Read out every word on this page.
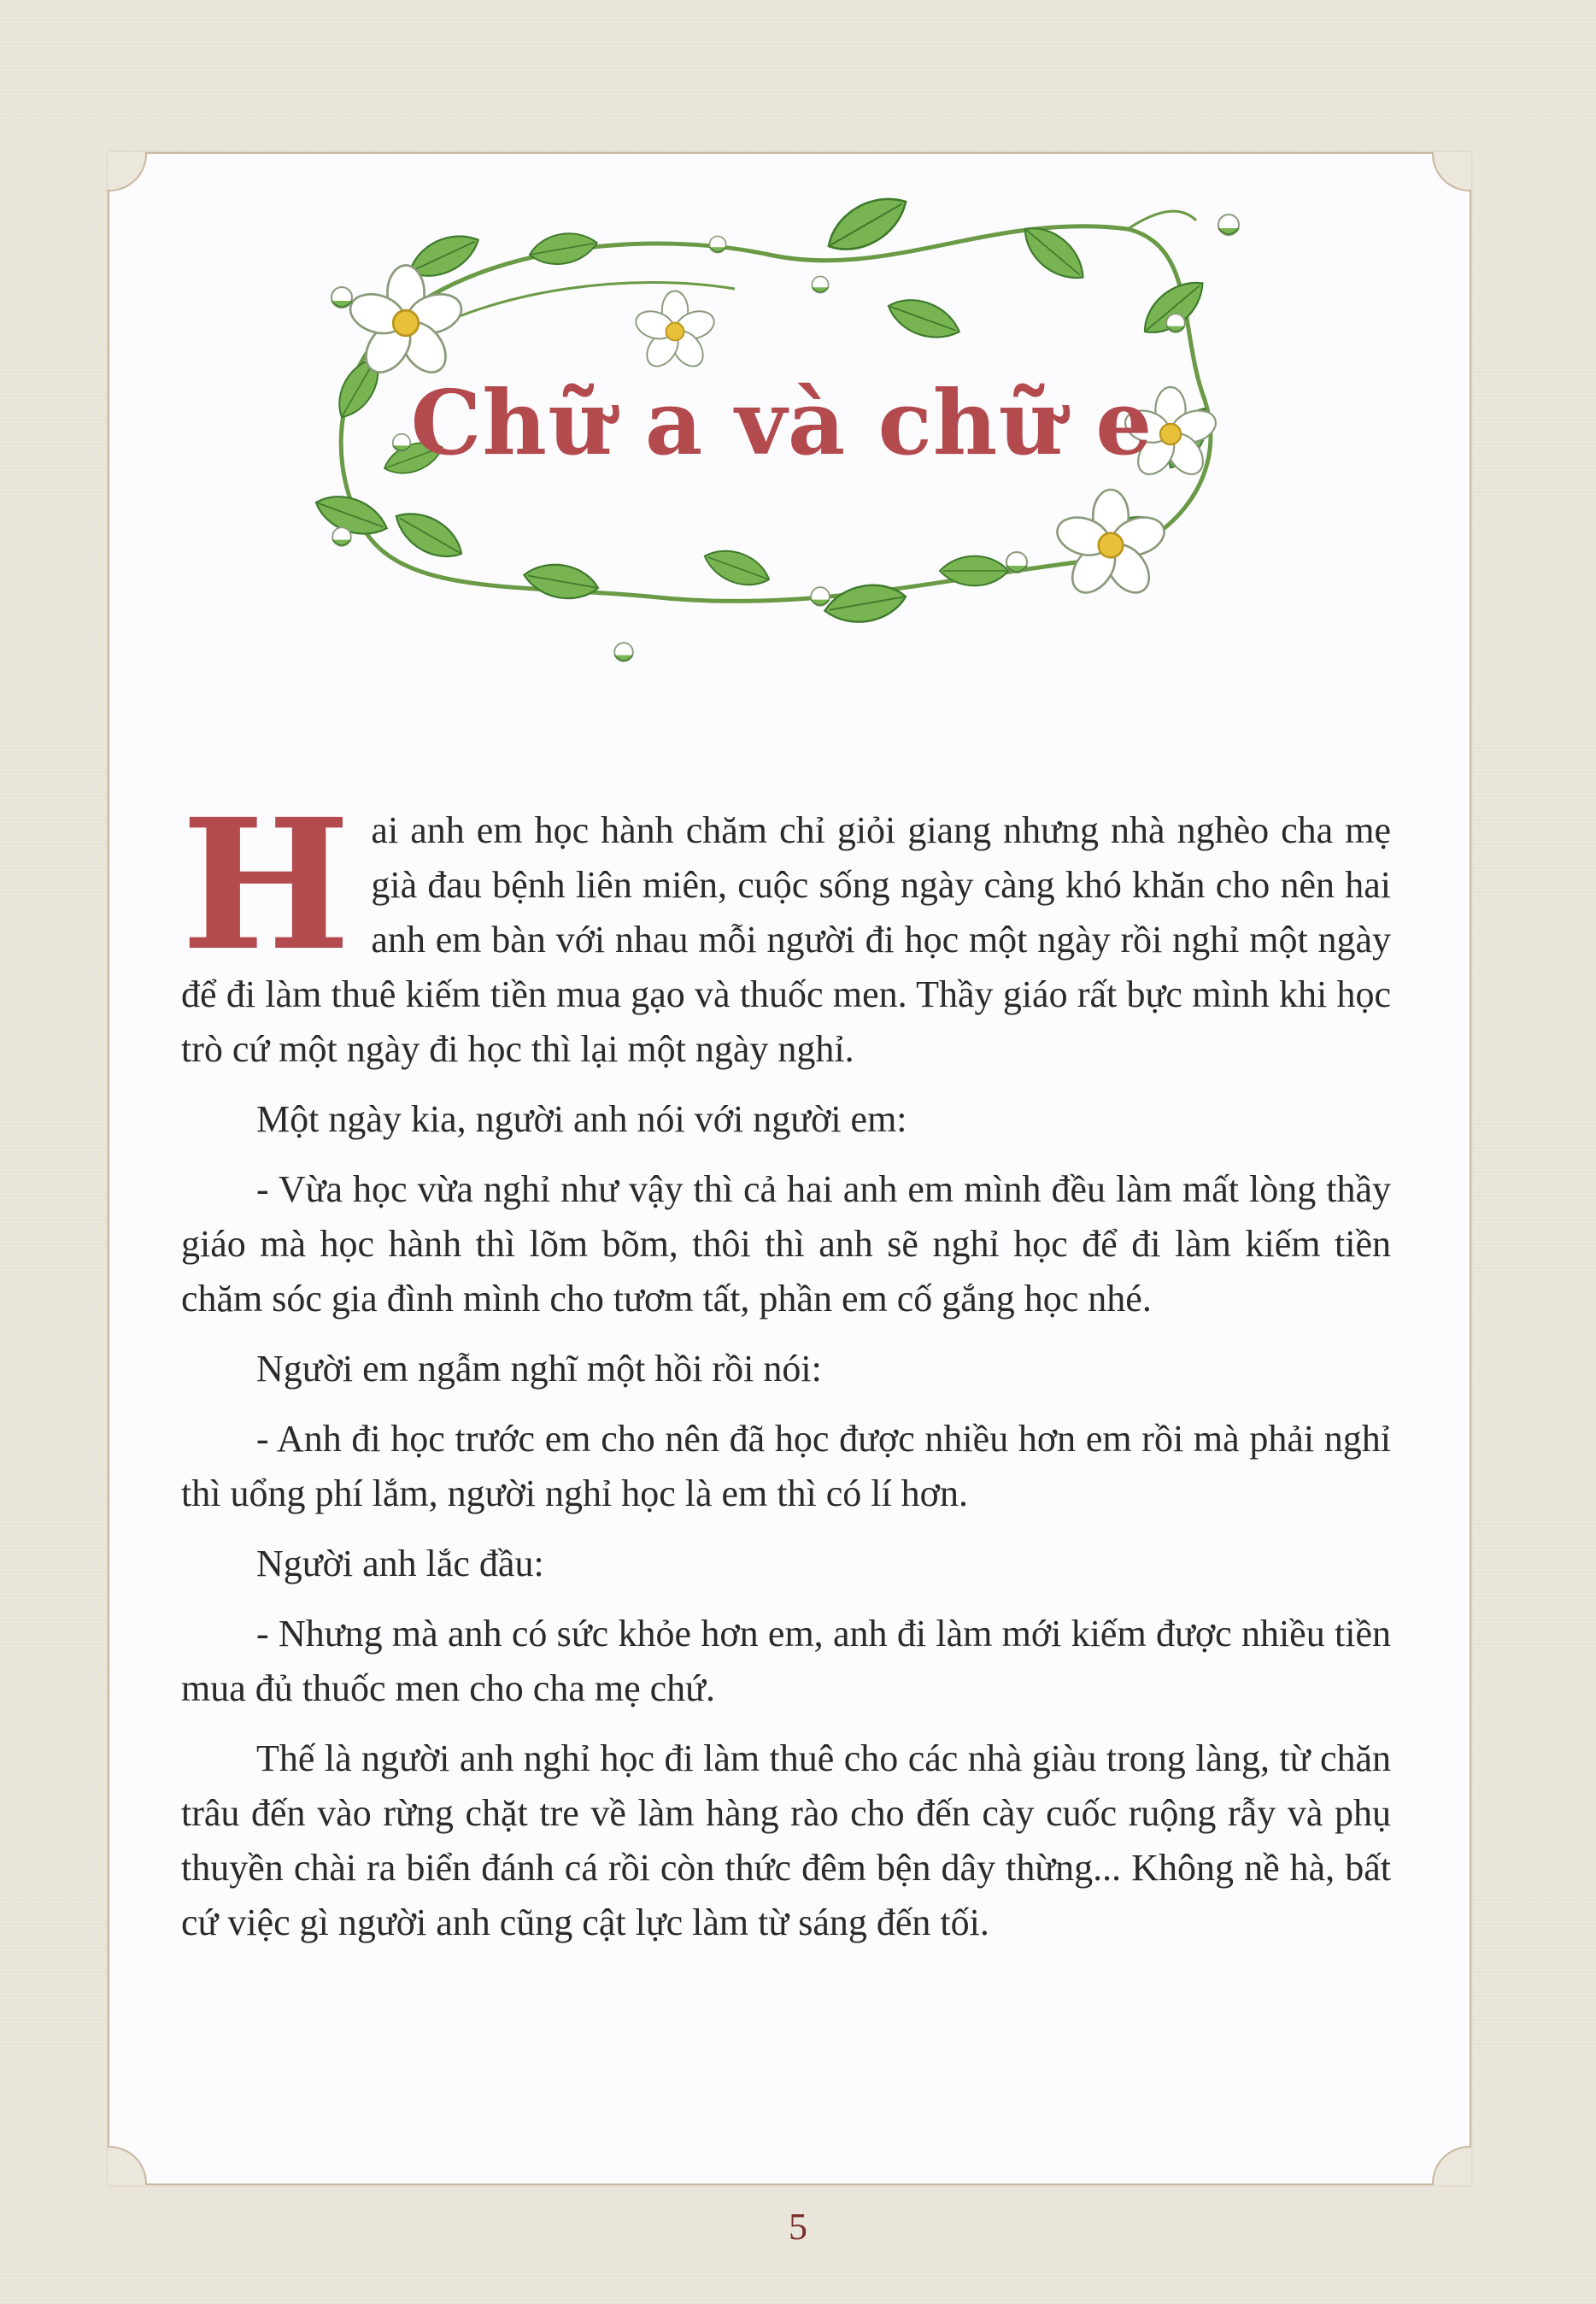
Chữ a và chữ e

Hai anh em học hành chăm chỉ giỏi giang nhưng nhà nghèo cha mẹ già đau bệnh liên miên, cuộc sống ngày càng khó khăn cho nên hai anh em bàn với nhau mỗi người đi học một ngày rồi nghỉ một ngày để đi làm thuê kiếm tiền mua gạo và thuốc men. Thầy giáo rất bực mình khi học trò cứ một ngày đi học thì lại một ngày nghỉ.

Một ngày kia, người anh nói với người em:

- Vừa học vừa nghỉ như vậy thì cả hai anh em mình đều làm mất lòng thầy giáo mà học hành thì lõm bõm, thôi thì anh sẽ nghỉ học để đi làm kiếm tiền chăm sóc gia đình mình cho tươm tất, phần em cố gắng học nhé.

Người em ngẫm nghĩ một hồi rồi nói:

- Anh đi học trước em cho nên đã học được nhiều hơn em rồi mà phải nghỉ thì uổng phí lắm, người nghỉ học là em thì có lí hơn.

Người anh lắc đầu:

- Nhưng mà anh có sức khỏe hơn em, anh đi làm mới kiếm được nhiều tiền mua đủ thuốc men cho cha mẹ chứ.

Thế là người anh nghỉ học đi làm thuê cho các nhà giàu trong làng, từ chăn trâu đến vào rừng chặt tre về làm hàng rào cho đến cày cuốc ruộng rẫy và phụ thuyền chài ra biển đánh cá rồi còn thức đêm bện dây thừng... Không nề hà, bất cứ việc gì người anh cũng cật lực làm từ sáng đến tối.

5
